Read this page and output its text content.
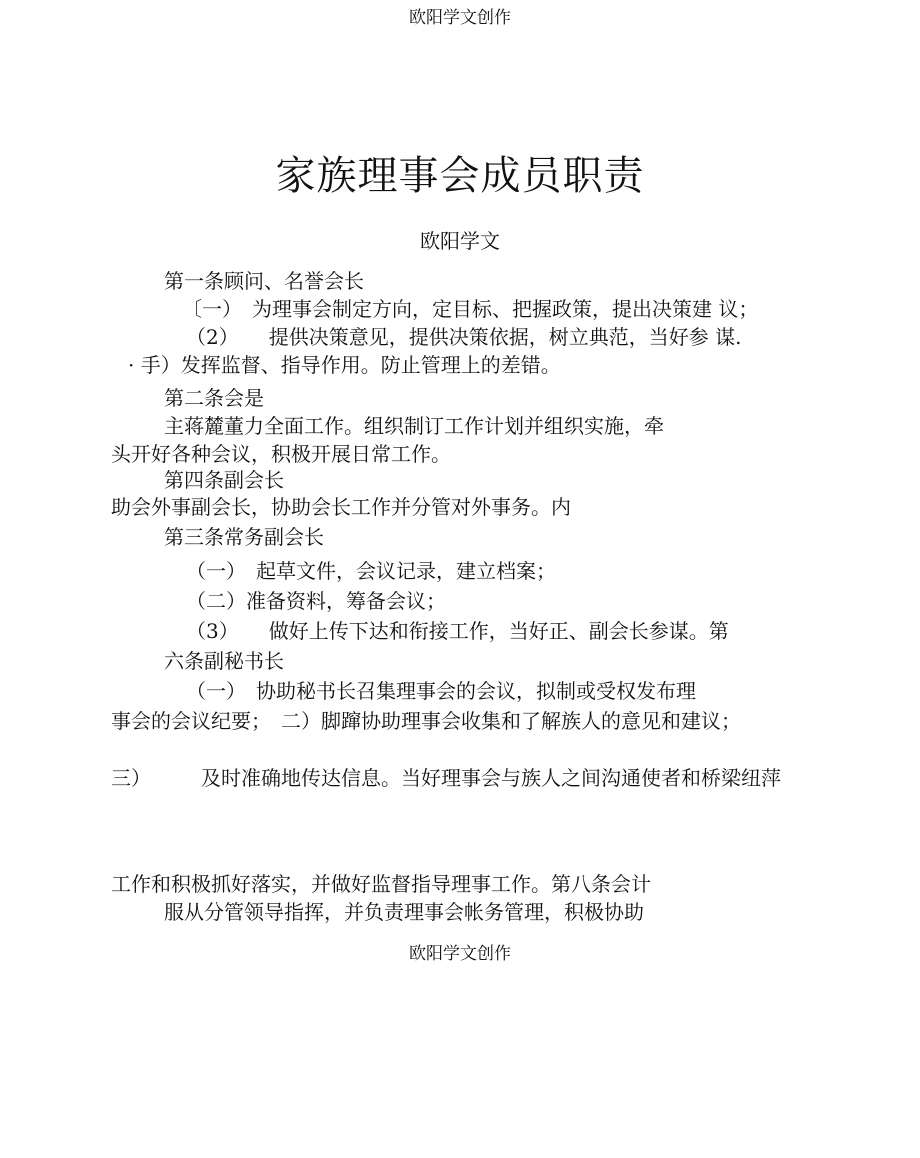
欧阳学文创作
家族理事会成员职责
欧阳学文
第一条顾问、名誉会长
〔一）　为理事会制定方向，定目标、把握政策，提出决策建 议；
（2）　　提供决策意见，提供决策依据，树立典范，当好参 谋.
· 手）发挥监督、指导作用。防止管理上的差错。
第二条会是
主蒋麓董力全面工作。组织制订工作计划并组织实施，牵
头开好各种会议，积极开展日常工作。
第四条副会长
助会外事副会长，协助会长工作并分管对外事务。内
第三条常务副会长
（一）　起草文件，会议记录，建立档案；
（二）准备资料，筹备会议；
（3）　　做好上传下达和衔接工作，当好正、副会长参谋。第
六条副秘书长
（一）　协助秘书长召集理事会的会议，拟制或受权发布理
事会的会议纪要；　二）脚蹿协助理事会收集和了解族人的意见和建议；
三）　　　及时准确地传达信息。当好理事会与族人之间沟通使者和桥梁纽萍
工作和积极抓好落实，并做好监督指导理事工作。第八条会计
服从分管领导指挥，并负责理事会帐务管理，积极协助
欧阳学文创作
